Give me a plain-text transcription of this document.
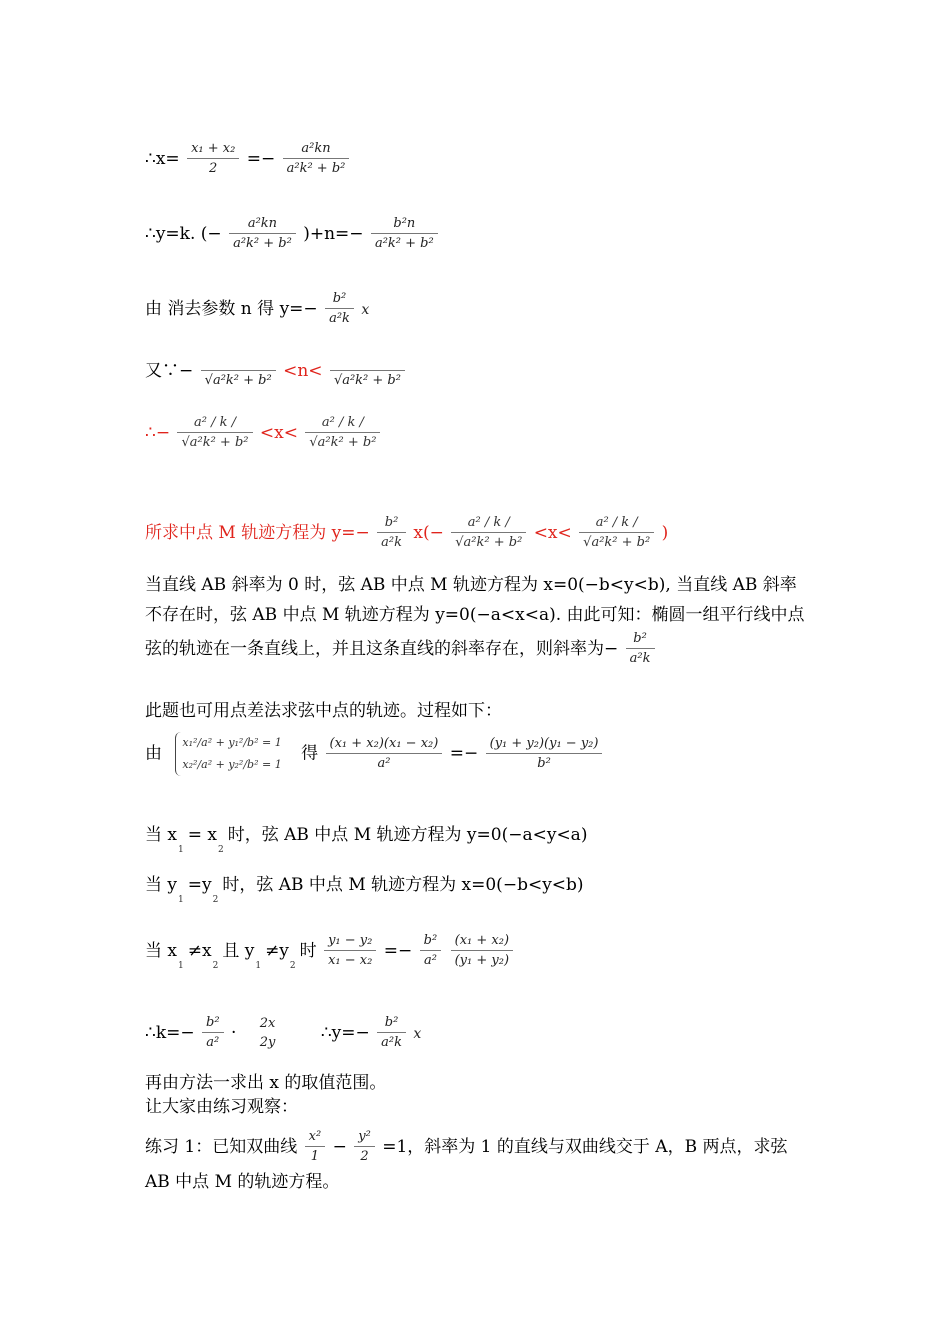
∴x= $\frac{\text{x₁ + x₂}}{2} =- \frac{\text{a²kn}}{\text{a²k² + b²}}$
∴y=k. (− $\frac{\text{a²kn}}{\text{a²k² + b²}} )+n=- \frac{\text{b²n}}{\text{a²k² + b²}}$
由 消去参数 n 得 $y=- \frac{\text{b²}}{\text{a²k}}$ x
又∵−
√a²k² + b² <n<
√a²k² + b²
∴− $\frac{\text{a² / k /}}{\text{√a²k² + b²}} <x< \frac{\text{a² / k /}}{\text{√a²k² + b²}}$
所求中点 M 轨迹方程为 $y=- \frac{\text{b²}}{\text{a²k}} x(- \frac{\text{a² / k /}}{\text{√a²k² + b²}} <x< \frac{\text{a² / k /}}{\text{√a²k² + b²}}$ )
当直线 AB 斜率为 0 时，弦 AB 中点 M 轨迹方程为 x=0(−b<y<b), 当直线 AB 斜率不存在时，弦 AB 中点 M 轨迹方程为 y=0(−a<x<a). 由此可知：椭圆一组平行线中点弦的轨迹在一条直线上，并且这条直线的斜率存在，则斜率为− $\frac{\text{b²}}{\text{a²k}}$
此题也可用点差法求弦中点的轨迹。过程如下：
由
x₁²/a² + y₁²/b² = 1
x₂²/a² + y₂²/b² = 1
得 $\frac{\text{(x₁ + x₂)(x₁ − x₂)}}{\text{a²}} =- \frac{\text{(y₁ + y₂)(y₁ − y₂)}}{\text{b²}}$
当 $x_1= x_2$时，弦 AB 中点 M 轨迹方程为 y=0(−a<y<a)
当 $y_1=y_2$时，弦 AB 中点 M 轨迹方程为 x=0(−b<y<b)
当 $x_1\ne x_2$且 $y_1\ne y_2$时 $\frac{\text{y₁ − y₂}}{\text{x₁ − x₂}} =- \frac{\text{b²}}{\text{a²}}$
$\frac{\text{(x₁ + x₂)}}{\text{(y₁ + y₂)}}$
∴k=− $\frac{\text{b²}}{\text{a²}}$ ·	2x
2y	∴y=− $\frac{\text{b²}}{\text{a²k}}$ x
再由方法一求出 x 的取值范围。
让大家由练习观察：
练习 1：已知双曲线 $\frac{\text{x²}}{1} - \frac{\text{y²}}{2} =1$，斜率为 1 的直线与双曲线交于 A，B 两点，求弦 AB 中点 M 的轨迹方程。
